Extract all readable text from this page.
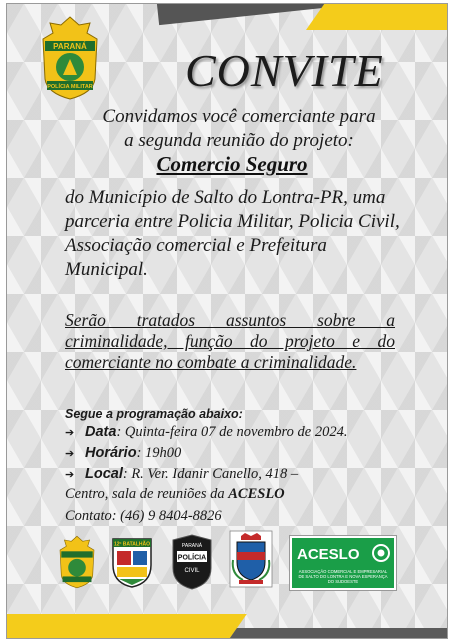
PARANÁ
POLÍCIA MILITAR CONVITE
Convidamos você comerciante para
a segunda reunião do projeto:
Comercio Seguro
do Município de Salto do Lontra-PR, uma parceria entre Policia Militar, Policia Civil, Associação comercial e Prefeitura Municipal.
Serão tratados assuntos sobre a criminalidade, função do projeto e do comerciante no combate a criminalidade.
Segue a programação abaixo:
➔ Data: Quinta-feira 07 de novembro de 2024.
➔ Horário: 19h00
➔ Local: R. Ver. Idanir Canello, 418 –
Centro, sala de reuniões da ACESLO
Contato: (46) 9 8404-8826
12º BATALHÃO	PARANÁ
POLÍCIA
CIVIL
ACESLO
ASSOCIAÇÃO COMERCIAL E EMPRESARIAL DE SALTO DO LONTRA E NOVA ESPERANÇA DO SUDOESTE
